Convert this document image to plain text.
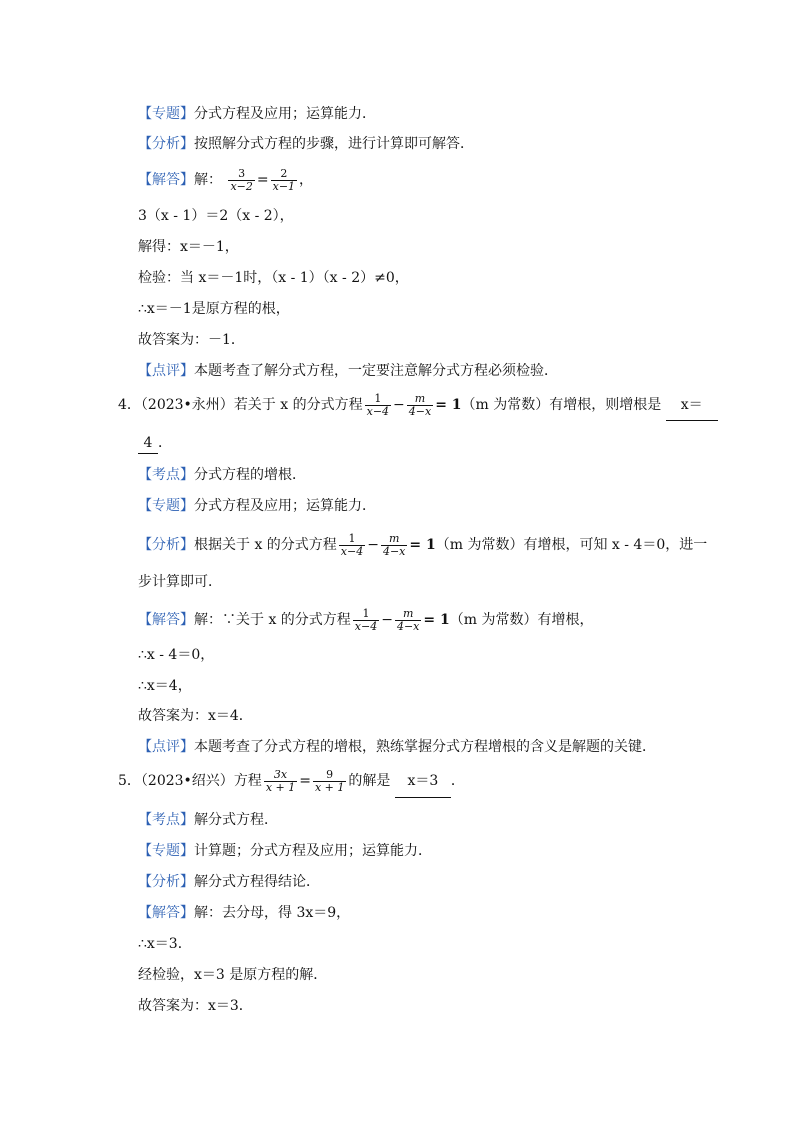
【专题】分式方程及应用；运算能力．
【分析】按照解分式方程的步骤，进行计算即可解答．
【解答】解： $\frac{3}{x-2} = \frac{2}{x-1}$ ，
3（x - 1）＝2（x - 2），
解得：x＝－1，
检验：当 x＝－1时，（x - 1）（x - 2）≠0，
∴x＝－1是原方程的根，
故答案为：－1．
【点评】本题考查了解分式方程，一定要注意解分式方程必须检验．
4．（2023•永州）若关于 x 的分式方程 $\frac{1}{x-4} - \frac{m}{4-x} = 1(m$ 为常数）有增根，则增根是 x＝
4 ．
【考点】分式方程的增根．
【专题】分式方程及应用；运算能力．
【分析】根据关于 x 的分式方程 $\frac{1}{x-4} - \frac{m}{4-x} = 1(m$ 为常数）有增根，可知 x - 4＝0，进一
步计算即可．
【解答】解：∵关于 x 的分式方程 $\frac{1}{x-4} - \frac{m}{4-x} = 1(m$ 为常数）有增根，
∴x - 4＝0，
∴x＝4，
故答案为：x＝4．
【点评】本题考查了分式方程的增根，熟练掌握分式方程增根的含义是解题的关键．
5．（2023•绍兴）方程 $\frac{3x}{x + 1} = \frac{9}{x + 1}$ 的解是 x＝3 ．
【考点】解分式方程．
【专题】计算题；分式方程及应用；运算能力．
【分析】解分式方程得结论．
【解答】解：去分母，得 3x＝9，
∴x＝3．
经检验，x＝3 是原方程的解．
故答案为：x＝3．
